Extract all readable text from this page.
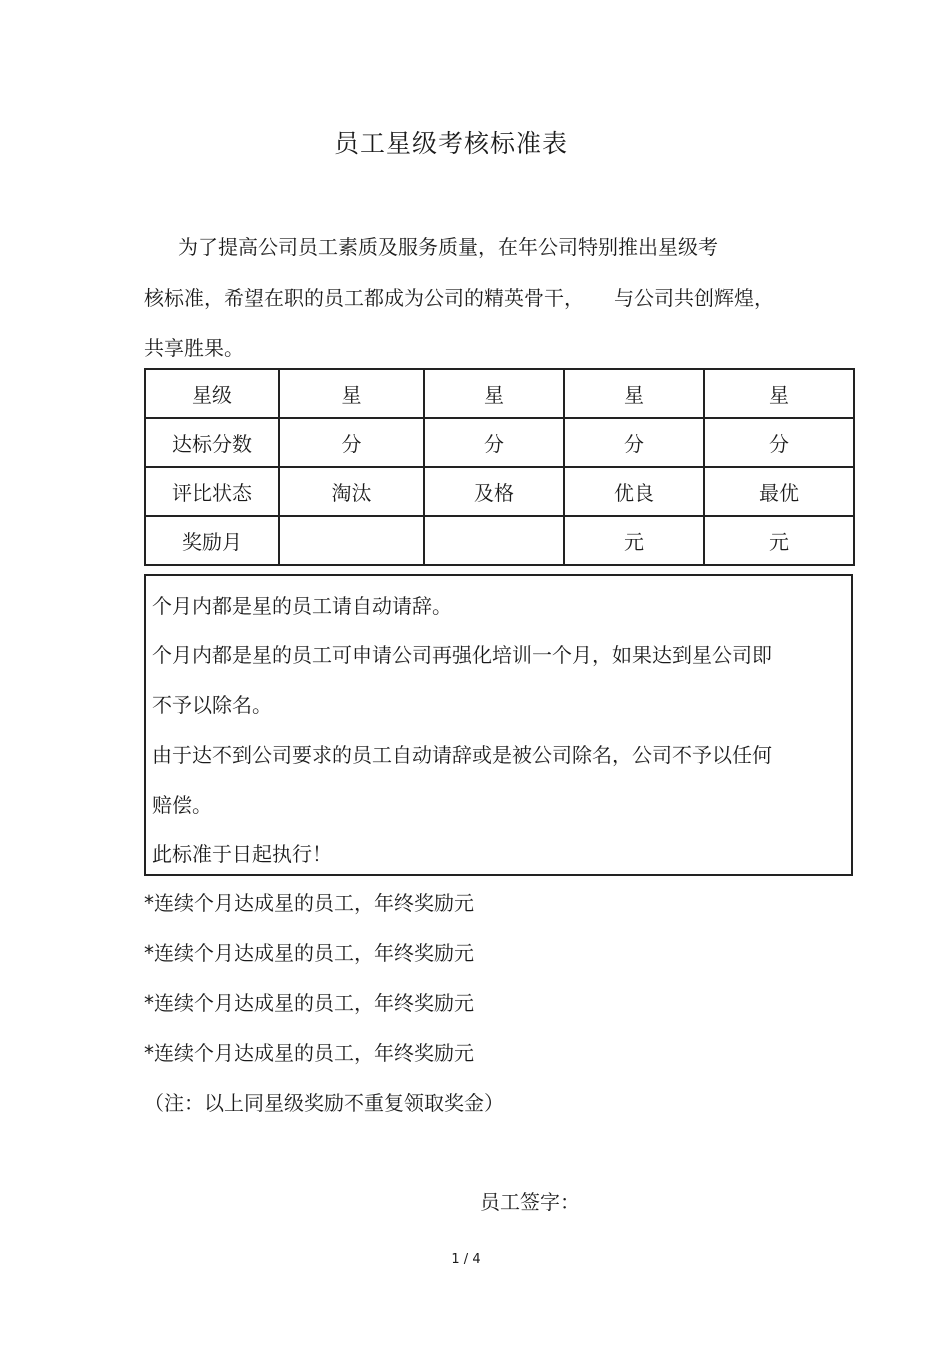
员工星级考核标准表
为了提高公司员工素质及服务质量，在年公司特别推出星级考
核标准，希望在职的员工都成为公司的精英骨干， 与公司共创辉煌，
共享胜果。
星级	星	星	星	星
达标分数	分	分	分	分
评比状态	淘汰	及格	优良	最优
奖励月			元	元
个月内都是星的员工请自动请辞。
个月内都是星的员工可申请公司再强化培训一个月，如果达到星公司即
不予以除名。
由于达不到公司要求的员工自动请辞或是被公司除名，公司不予以任何
赔偿。
此标准于日起执行！
*连续个月达成星的员工，年终奖励元
*连续个月达成星的员工，年终奖励元
*连续个月达成星的员工，年终奖励元
*连续个月达成星的员工，年终奖励元
（注：以上同星级奖励不重复领取奖金）
员工签字：
1 / 4
